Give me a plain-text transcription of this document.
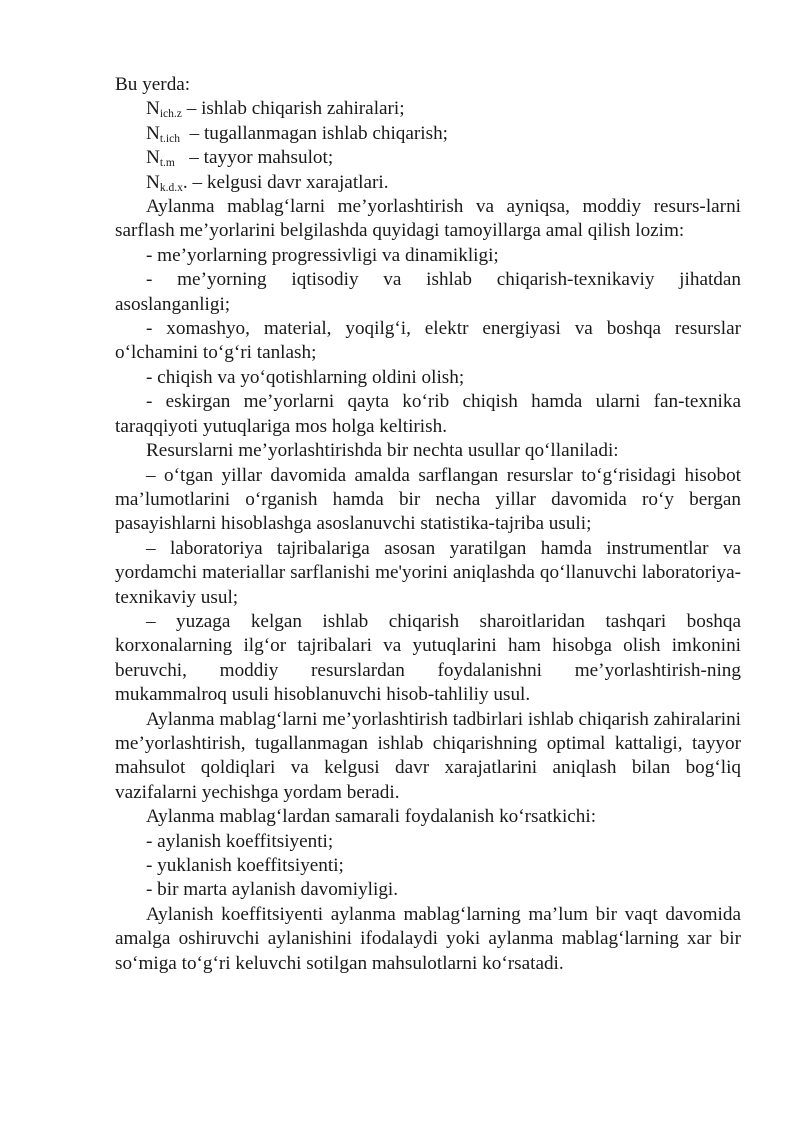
Bu yerda:

$N_{ich.z}$ – ishlab chiqarish zahiralari;

$N_{t.ich}$  – tugallanmagan ishlab chiqarish;

$N_{t.m}$   – tayyor mahsulot;

$N_{k.d.x}$. – kelgusi davr xarajatlari.

Aylanma mablag‘larni me’yorlashtirish va ayniqsa, moddiy resurs-larni sarflash me’yorlarini belgilashda quyidagi tamoyillarga amal qilish lozim:

- me’yorlarning progressivligi va dinamikligi;

- me’yorning iqtisodiy va ishlab chiqarish-texnikaviy jihatdan asoslanganligi;

- xomashyo, material, yoqilg‘i, elektr energiyasi va boshqa resurslar o‘lchamini to‘g‘ri tanlash;

- chiqish va yo‘qotishlarning oldini olish;

- eskirgan me’yorlarni qayta ko‘rib chiqish hamda ularni fan-texnika taraqqiyoti yutuqlariga mos holga keltirish.

Resurslarni me’yorlashtirishda bir nechta usullar qo‘llaniladi:

– o‘tgan yillar davomida amalda sarflangan resurslar to‘g‘risidagi hisobot ma’lumotlarini o‘rganish hamda bir necha yillar davomida ro‘y bergan pasayishlarni hisoblashga asoslanuvchi statistika-tajriba usuli;

– laboratoriya tajribalariga asosan yaratilgan hamda instrumentlar va yordamchi materiallar sarflanishi me'yorini aniqlashda qo‘llanuvchi laboratoriya-texnikaviy usul;

– yuzaga kelgan ishlab chiqarish sharoitlaridan tashqari boshqa korxonalarning ilg‘or tajribalari va yutuqlarini ham hisobga olish imkonini beruvchi, moddiy resurslardan foydalanishni me’yorlashtirish-ning mukammalroq usuli hisoblanuvchi hisob-tahliliy usul.

Aylanma mablag‘larni me’yorlashtirish tadbirlari ishlab chiqarish zahiralarini me’yorlashtirish, tugallanmagan ishlab chiqarishning optimal kattaligi, tayyor mahsulot qoldiqlari va kelgusi davr xarajatlarini aniqlash bilan bog‘liq vazifalarni yechishga yordam beradi.

Aylanma mablag‘lardan samarali foydalanish ko‘rsatkichi:

- aylanish koeffitsiyenti;

- yuklanish koeffitsiyenti;

- bir marta aylanish davomiyligi.

Aylanish koeffitsiyenti aylanma mablag‘larning ma’lum bir vaqt davomida amalga oshiruvchi aylanishini ifodalaydi yoki aylanma mablag‘larning xar bir so‘miga to‘g‘ri keluvchi sotilgan mahsulotlarni ko‘rsatadi.
